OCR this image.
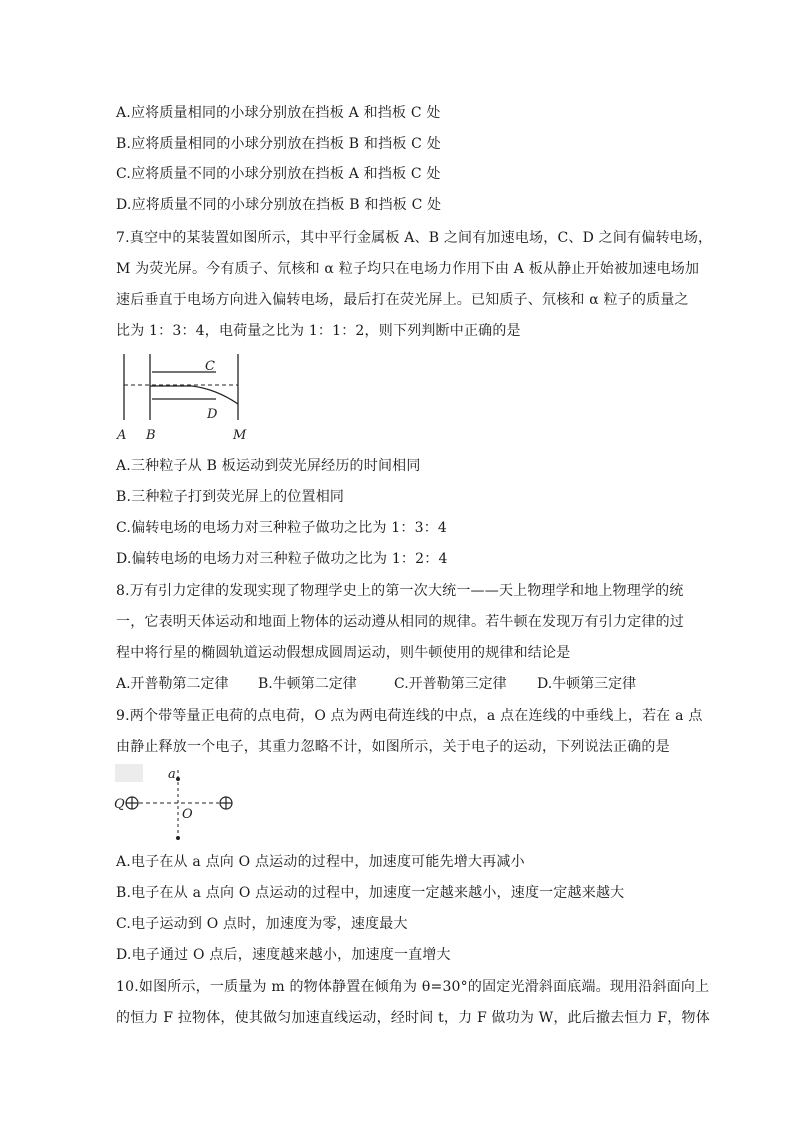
A.应将质量相同的小球分别放在挡板 A 和挡板 C 处
B.应将质量相同的小球分别放在挡板 B 和挡板 C 处
C.应将质量不同的小球分别放在挡板 A 和挡板 C 处
D.应将质量不同的小球分别放在挡板 B 和挡板 C 处
7.真空中的某装置如图所示，其中平行金属板 A、B 之间有加速电场，C、D 之间有偏转电场，
M 为荧光屏。今有质子、氘核和 α 粒子均只在电场力作用下由 A 板从静止开始被加速电场加
速后垂直于电场方向进入偏转电场，最后打在荧光屏上。已知质子、氘核和 α 粒子的质量之
比为 1：3：4，电荷量之比为 1：1：2，则下列判断中正确的是
C
D
A B	M
A.三种粒子从 B 板运动到荧光屏经历的时间相同
B.三种粒子打到荧光屏上的位置相同
C.偏转电场的电场力对三种粒子做功之比为 1：3：4
D.偏转电场的电场力对三种粒子做功之比为 1：2：4
8.万有引力定律的发现实现了物理学史上的第一次大统一——天上物理学和地上物理学的统
一，它表明天体运动和地面上物体的运动遵从相同的规律。若牛顿在发现万有引力定律的过
程中将行星的椭圆轨道运动假想成圆周运动，则牛顿使用的规律和结论是
A.开普勒第二定律 B.牛顿第二定律	C.开普勒第三定律 D.牛顿第三定律
9.两个带等量正电荷的点电荷，O 点为两电荷连线的中点，a 点在连线的中垂线上，若在 a 点
由静止释放一个电子，其重力忽略不计，如图所示，关于电子的运动，下列说法正确的是
a
O
Q
A.电子在从 a 点向 O 点运动的过程中，加速度可能先增大再减小
B.电子在从 a 点向 O 点运动的过程中，加速度一定越来越小，速度一定越来越大
C.电子运动到 O 点时，加速度为零，速度最大
D.电子通过 O 点后，速度越来越小，加速度一直增大
10.如图所示，一质量为 m 的物体静置在倾角为 θ=30°的固定光滑斜面底端。现用沿斜面向上
的恒力 F 拉物体，使其做匀加速直线运动，经时间 t，力 F 做功为 W，此后撤去恒力 F，物体
